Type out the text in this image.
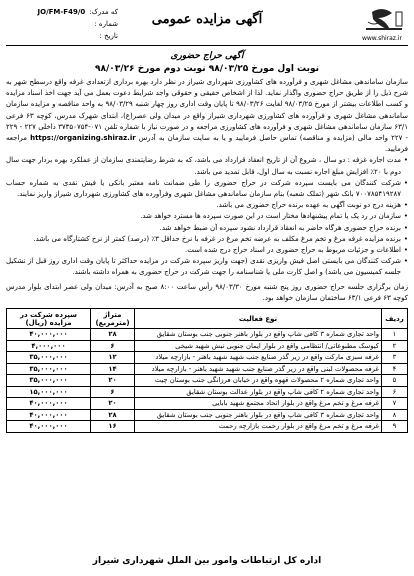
www.shiraz.ir
آگهی مزایده عمومی
که مدرک:
JO/FM-F49/0
شماره :
تاریخ :
آگهی حراج حضوری
نوبت اول مورخ ۹۸/۰۳/۲۵ نوبت دوم مورخ ۹۸/۰۳/۲۶
سازمان ساماندهی مشاغل شهری و فرآورده های کشاورزی شهرداری شیراز در نظر دارد بهره برداری ازتعدادی غرفه واقع درسطح شهر به شرح ذیل را از طریق حراج حضوری واگذار نماید. لذا از اشخاص حقیقی و حقوقی واجد شرایط دعوت بعمل می آید جهت اخذ اسناد مزایده و کسب اطلاعات بیشتر از مورخ ۹۸/۰۳/۲۵ لغایت ۹۸/۰۳/۲۶ تا پایان وقت اداری روز چهار شنبه ۹۸/۰۳/۲۹ به واحد مناقصه و مزایده سازمان ساماندهی مشاغل شهری و فرآورده های کشاورزی شهرداری شیراز واقع در میدان ولی عصر(ع)، ابتدای شهرک مدرس، کوچه ۶۳ فرعی ۶۳/۱ سازمان ساماندهی مشاغل شهری و فرآورده های کشاورزی مراجعه و در صورت نیاز با شماره تلفن ۰۷۱-۳۷۳۵۰۷۵۴ داخلی ۲۲۷ - ۲۲۹ - ۲۲۷ واحد مالی (مزایده و مناقصه) تماس حاصل فرمایید و یا به سایت سازمان به آدرس https://organizing.shiraz.ir مراجعه فرمایید.
• مدت اجاره غرفه : دو سال ، شروع آن از تاریخ انعقاد قرارداد می باشد، که به شرط رضایتمندی سازمان از عملکرد بهره بردار جهت سال دوم با ۲۰٪ افزایش مبلغ اجاره نسبت به سال اول، قابل تمدید می باشد.
• شرکت کنندگان می بایست سپرده شرکت در حراج حضوری را طی ضمانت نامه معتبر بانکی یا فیش نقدی به شماره حساب ۷۰۰۷۸۵۴۱۹۲۸۷ بانک شهر (تملک شعبه) بنام سازمان ساماندهی مشاغل شهری وفرآورده های کشاورزی شهرداری شیراز واریز نمایند.
• هزینه درج دو نوبت آگهی به عهده برنده حراج حضوری می باشد.
• سازمان در رد یک یا تمام پیشنهادها مختار است در این صورت سپرده ها مسترد خواهد شد.
• برنده حراج حضوری هرگاه حاضر به انعقاد قرارداد نشود سپرده آن ضبط خواهد شد.
• برنده مزایده غرفه مرغ و تخم مرغ مکلف به عرضه تخم مرغ در غرفه با نرخ حداقل ۳٪ (درصد) کمتر از نرخ کشتارگاه می باشد.
• اطلاعات و جزئیات مربوط به حراج حضوری در اسناد حراج درج شده است.
• شرکت کنندگان می بایستی اصل فیش واریزی نقدی (جهت واریز سپرده شرکت در مزایده حداکثر تا پایان وقت اداری روز قبل از تشکیل جلسه کمیسیون می باشد) و اصل کارت ملی یا شناسنامه را جهت شرکت در حراج حضوری به همراه داشته باشند.
زمان برگزاری جلسه حراج حضوری روز پنج شنبه مورخ ۹۸/۰۳/۳۰ رأس ساعت ۸:۰۰ صبح به آدرس: میدان ولی عصر ابتدای بلوار مدرس کوچه ۶۳ فرعی ۶۳/۱ ساختمان سازمان خواهد بود.
ردیف	نوع فعالیت	متراژ (مترمربع)	سپرده شرکت در مزایده (ریال)
۱	واحد تجاری شماره ۳ کافی شاپ واقع در بلوار باهنر جنوبی جنب بوستان شقایق	۲۸	۴۰,۰۰۰,۰۰۰
۲	کیوسک مطبوعاتی/ انتظامی واقع در بلوار ایمان جنوبی نبش شهید شیخی	۶	۴,۰۰۰,۰۰۰
۳	غرفه سبزی مارکت واقع در زیر گذر صنایع جنب شهید شهید باهنر - بازارچه میلاد	۱۲	۳۵,۰۰۰,۰۰۰
۴	غرفه محصولات لبنی واقع در زیر گذر صنایع جنب شهید شهید باهنر - بازارچه میلاد	۱۴	۳۵,۰۰۰,۰۰۰
۵	واحد تجاری شماره ۲ محصولات قهوه واقع در خیابان فرزانگی جنب بوستان چیت	۲۰	۳۵,۰۰۰,۰۰۰
۶	واحد تجاری شماره ۲ کافی شاپ واقع در بلوار عدالت بوستان شقایق	۶	۱۵,۰۰۰,۰۰۰
۷	غرفه مرغ و تخم مرغ واقع در بلوار اتحاد مجتمع شهید بابایی	۲۰	۴۰,۰۰۰,۰۰۰
۸	واحد تجاری شماره ۳ کافی شاپ واقع در بلوار باهنر جنوبی جنب بوستان شقایق	۲۸	۴۰,۰۰۰,۰۰۰
۹	غرفه مرغ و تخم مرغ واقع در بلوار رحمت بازارچه رحمت	۱۶	۴۰,۰۰۰,۰۰۰
اداره کل ارتباطات وامور بین الملل شهرداری شیراز
